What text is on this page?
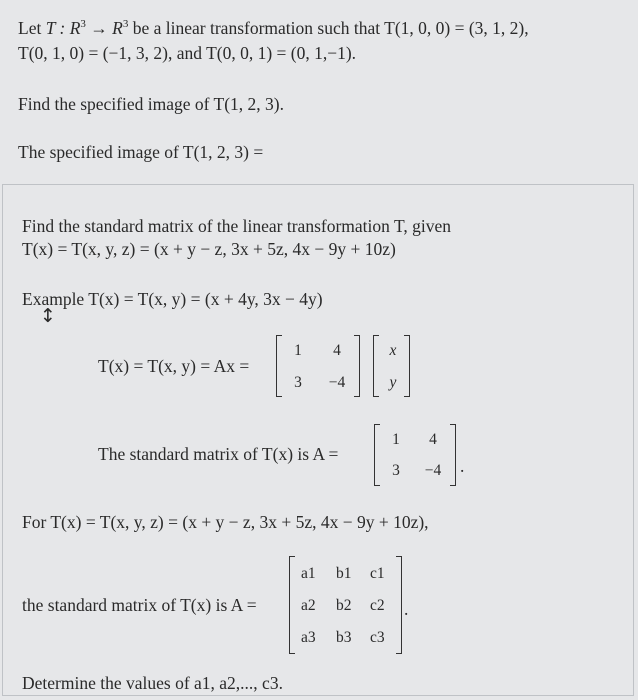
Let T : $R^3 \to R^3$ be a linear transformation such that T(1, 0, 0) = (3, 1, 2),
T(0, 1, 0) = (−1, 3, 2), and T(0, 0, 1) = (0, 1,−1).
Find the specified image of T(1, 2, 3).
The specified image of T(1, 2, 3) =
Find the standard matrix of the linear transformation T, given
T(x) = T(x, y, z) = (x + y − z, 3x + 5z, 4x − 9y + 10z)
Example T(x) = T(x, y) = (x + 4y, 3x − 4y)
↕
T(x) = T(x, y) = Ax =
1	4
3	−4
x
y
The standard matrix of T(x) is A =
1	4
3	−4	.
For T(x) = T(x, y, z) = (x + y − z, 3x + 5z, 4x − 9y + 10z),
the standard matrix of T(x) is A =
a1 b1 c1
a2 b2 c2
a3 b3 c3
.
Determine the values of a1, a2,..., c3.
